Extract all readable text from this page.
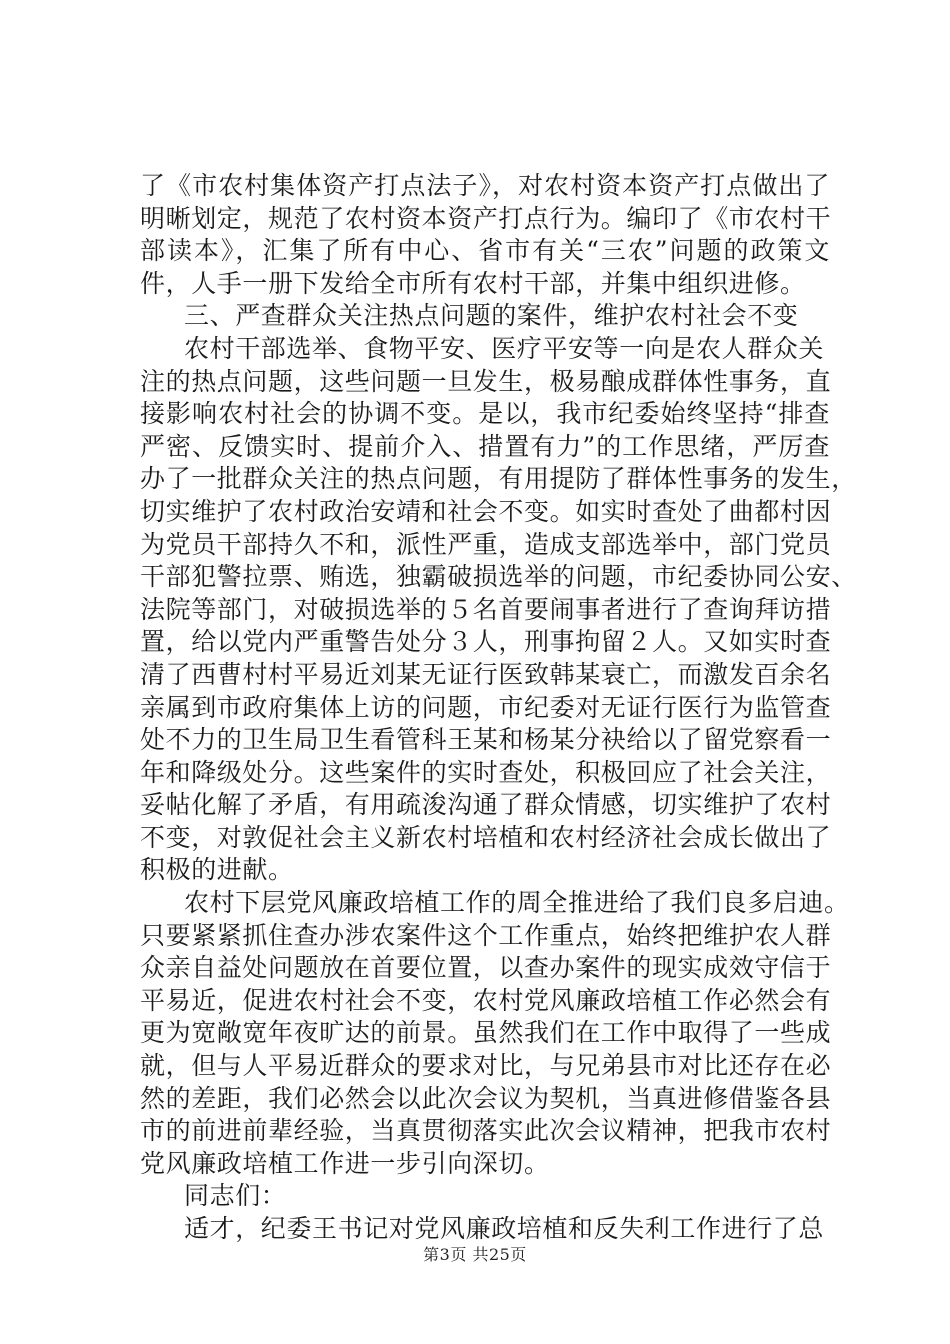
了《市农村集体资产打点法子》，对农村资本资产打点做出了
明晰划定，规范了农村资本资产打点行为。编印了《市农村干
部读本》，汇集了所有中心、省市有关“三农”问题的政策文
件，人手一册下发给全市所有农村干部，并集中组织进修。
三、严查群众关注热点问题的案件，维护农村社会不变
农村干部选举、食物平安、医疗平安等一向是农人群众关
注的热点问题，这些问题一旦发生，极易酿成群体性事务，直
接影响农村社会的协调不变。是以，我市纪委始终坚持“排查
严密、反馈实时、提前介入、措置有力”的工作思绪，严厉查
办了一批群众关注的热点问题，有用提防了群体性事务的发生，
切实维护了农村政治安靖和社会不变。如实时查处了曲都村因
为党员干部持久不和，派性严重，造成支部选举中，部门党员
干部犯警拉票、贿选，独霸破损选举的问题，市纪委协同公安、
法院等部门，对破损选举的５名首要闹事者进行了查询拜访措
置，给以党内严重警告处分３人，刑事拘留２人。又如实时查
清了西曹村村平易近刘某无证行医致韩某衰亡，而激发百余名
亲属到市政府集体上访的问题，市纪委对无证行医行为监管查
处不力的卫生局卫生看管科王某和杨某分袂给以了留党察看一
年和降级处分。这些案件的实时查处，积极回应了社会关注，
妥帖化解了矛盾，有用疏浚沟通了群众情感，切实维护了农村
不变，对敦促社会主义新农村培植和农村经济社会成长做出了
积极的进献。
农村下层党风廉政培植工作的周全推进给了我们良多启迪。
只要紧紧抓住查办涉农案件这个工作重点，始终把维护农人群
众亲自益处问题放在首要位置，以查办案件的现实成效守信于
平易近，促进农村社会不变，农村党风廉政培植工作必然会有
更为宽敞宽年夜旷达的前景。虽然我们在工作中取得了一些成
就，但与人平易近群众的要求对比，与兄弟县市对比还存在必
然的差距，我们必然会以此次会议为契机，当真进修借鉴各县
市的前进前辈经验，当真贯彻落实此次会议精神，把我市农村
党风廉政培植工作进一步引向深切。
同志们：
适才，纪委王书记对党风廉政培植和反失利工作进行了总
第3页 共25页
